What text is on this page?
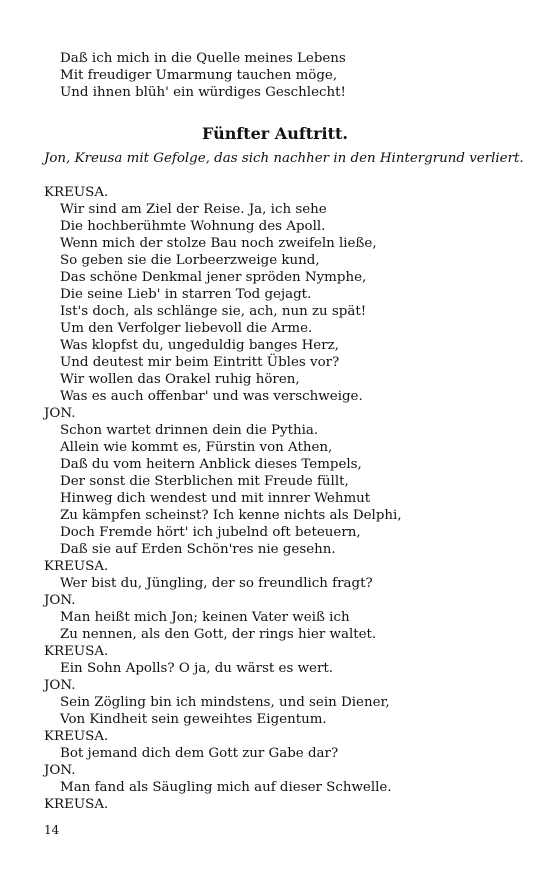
Daß ich mich in die Quelle meines Lebens
Mit freudiger Umarmung tauchen möge,
Und ihnen blüh' ein würdiges Geschlecht!
Fünfter Auftritt.
Jon, Kreusa mit Gefolge, das sich nachher in den Hintergrund verliert.
KREUSA.
Wir sind am Ziel der Reise. Ja, ich sehe
Die hochberühmte Wohnung des Apoll.
Wenn mich der stolze Bau noch zweifeln ließe,
So geben sie die Lorbeerzweige kund,
Das schöne Denkmal jener spröden Nymphe,
Die seine Lieb' in starren Tod gejagt.
Ist's doch, als schlänge sie, ach, nun zu spät!
Um den Verfolger liebevoll die Arme.
Was klopfst du, ungeduldig banges Herz,
Und deutest mir beim Eintritt Übles vor?
Wir wollen das Orakel ruhig hören,
Was es auch offenbar' und was verschweige.
JON.
Schon wartet drinnen dein die Pythia.
Allein wie kommt es, Fürstin von Athen,
Daß du vom heitern Anblick dieses Tempels,
Der sonst die Sterblichen mit Freude füllt,
Hinweg dich wendest und mit innrer Wehmut
Zu kämpfen scheinst? Ich kenne nichts als Delphi,
Doch Fremde hört' ich jubelnd oft beteuern,
Daß sie auf Erden Schön'res nie gesehn.
KREUSA.
Wer bist du, Jüngling, der so freundlich fragt?
JON.
Man heißt mich Jon; keinen Vater weiß ich
Zu nennen, als den Gott, der rings hier waltet.
KREUSA.
Ein Sohn Apolls? O ja, du wärst es wert.
JON.
Sein Zögling bin ich mindstens, und sein Diener,
Von Kindheit sein geweihtes Eigentum.
KREUSA.
Bot jemand dich dem Gott zur Gabe dar?
JON.
Man fand als Säugling mich auf dieser Schwelle.
KREUSA.
14
